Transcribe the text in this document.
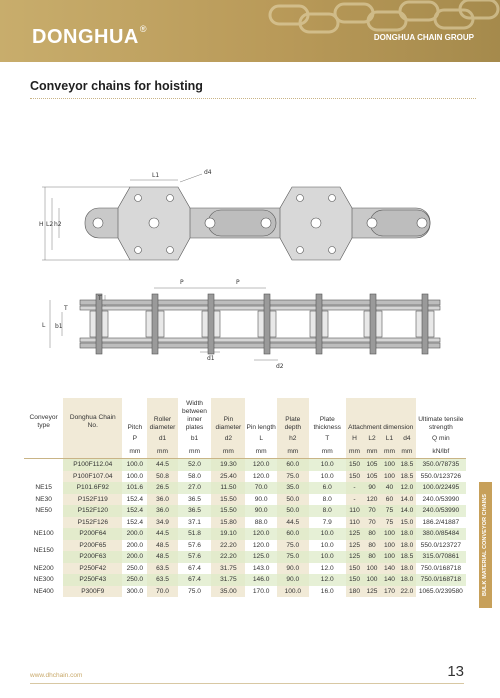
DONGHUA®
DONGHUA CHAIN GROUP
Conveyor chains for hoisting
L1	d4
H L2 h2
P	P
T
T
L b1
d1
d2
Conveyor type	Donghua Chain No.	Pitch	Roller diameter	Width between inner plates	Pin diameter	Pin length	Plate depth	Plate thickness	Attachment dimension				Ultimate tensile strength
		P	d1	b1	d2	L	h2	T	H	L2	L1	d4	Q min
		mm	mm	mm	mm	mm	mm	mm	mm	mm	mm	mm	kN/lbf
	P100F112.04	100.0	44.5	52.0	19.30	120.0	60.0	10.0	150	105	100	18.5	350.0/78735
	P100F107.04	100.0	50.8	58.0	25.40	120.0	75.0	10.0	150	105	100	18.5	550.0/123726
NE15	P101.6F92	101.6	26.5	27.0	11.50	70.0	35.0	6.0	-	90	40	12.0	100.0/22495
NE30	P152F119	152.4	36.0	36.5	15.50	90.0	50.0	8.0	-	120	60	14.0	240.0/53990
NE50	P152F120	152.4	36.0	36.5	15.50	90.0	50.0	8.0	110	70	75	14.0	240.0/53990
	P152F126	152.4	34.9	37.1	15.80	88.0	44.5	7.9	110	70	75	15.0	186.2/41887
NE100	P200F64	200.0	44.5	51.8	19.10	120.0	60.0	10.0	125	80	100	18.0	380.0/85484
NE150	P200F65	200.0	48.5	57.6	22.20	120.0	75.0	10.0	125	80	100	18.0	550.0/123727
	P200F63	200.0	48.5	57.6	22.20	125.0	75.0	10.0	125	80	100	18.5	315.0/70861
NE200	P250F42	250.0	63.5	67.4	31.75	143.0	90.0	12.0	150	100	140	18.0	750.0/168718
NE300	P250F43	250.0	63.5	67.4	31.75	146.0	90.0	12.0	150	100	140	18.0	750.0/168718
NE400	P300F9	300.0	70.0	75.0	35.00	170.0	100.0	16.0	180	125	170	22.0	1065.0/239580	BULK MATERIAL CONVEYOR CHAINS
www.dhchain.com	13
